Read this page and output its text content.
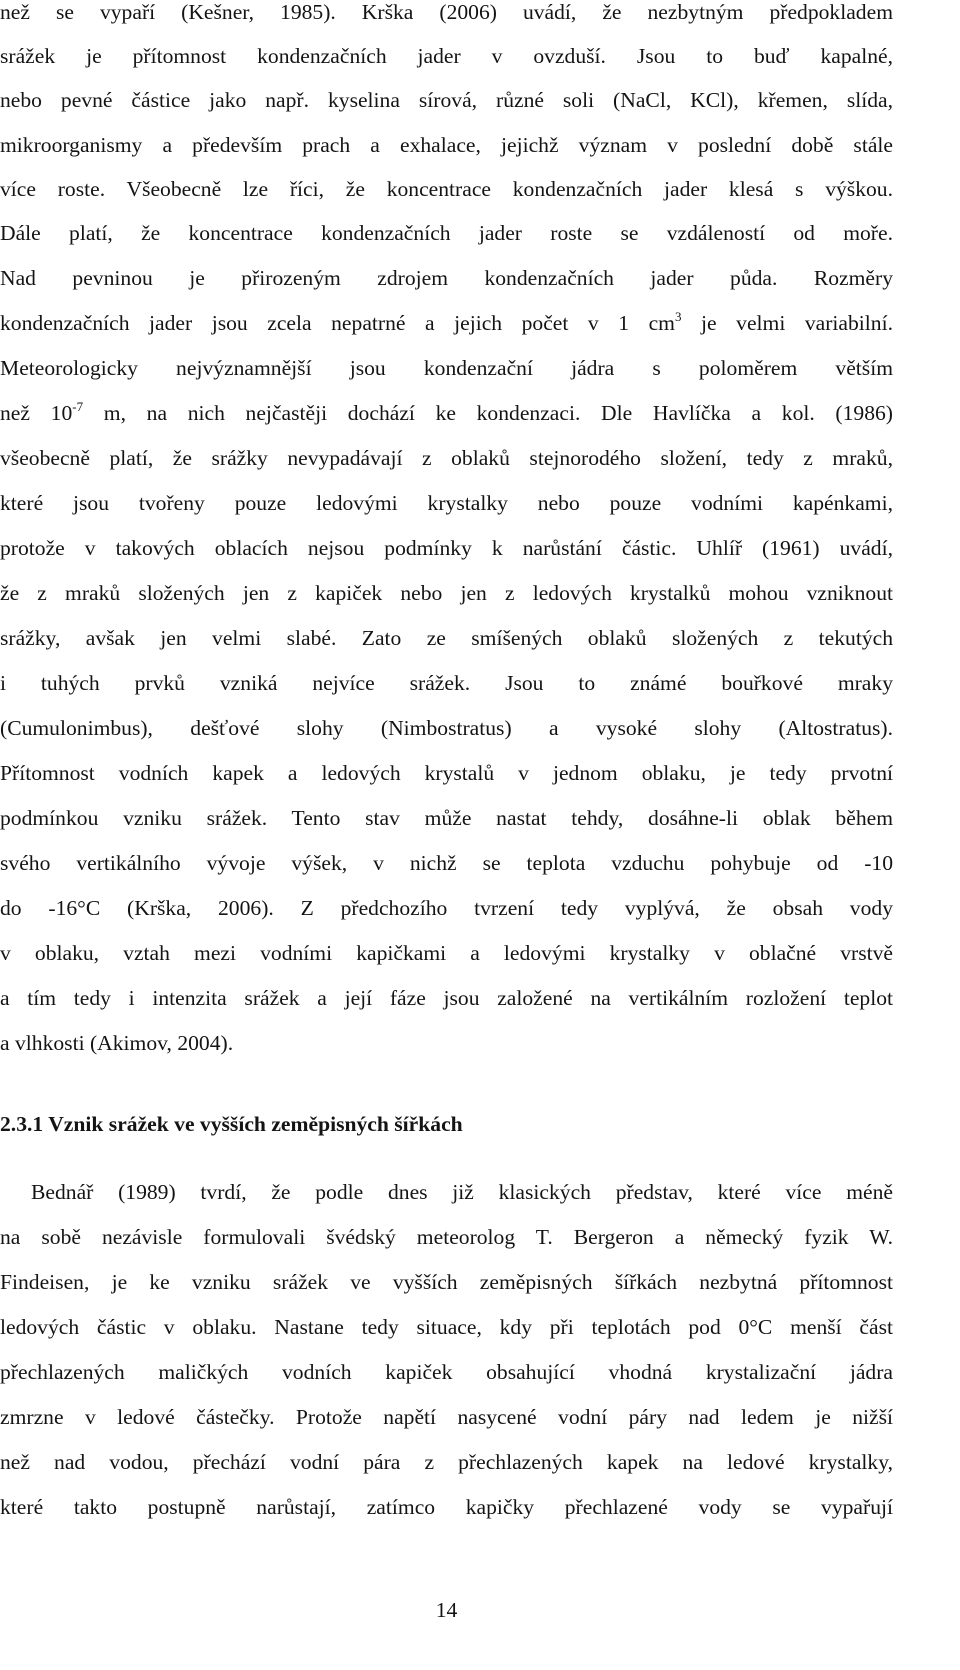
než se vypaří (Kešner, 1985). Krška (2006) uvádí, že nezbytným předpokladem
srážek je přítomnost kondenzačních jader v ovzduší. Jsou to buď kapalné,
nebo pevné částice jako např. kyselina sírová, různé soli (NaCl, KCl), křemen, slída,
mikroorganismy a především prach a exhalace, jejichž význam v poslední době stále
více roste. Všeobecně lze říci, že koncentrace kondenzačních jader klesá s výškou.
Dále platí, že koncentrace kondenzačních jader roste se vzdáleností od moře.
Nad pevninou je přirozeným zdrojem kondenzačních jader půda. Rozměry
kondenzačních jader jsou zcela nepatrné a jejich počet v 1 $cm^3$ je velmi variabilní.
Meteorologicky nejvýznamnější jsou kondenzační jádra s poloměrem větším
než $10^{-7}$ m, na nich nejčastěji dochází ke kondenzaci. Dle Havlíčka a kol. (1986)
všeobecně platí, že srážky nevypadávají z oblaků stejnorodého složení, tedy z mraků,
které jsou tvořeny pouze ledovými krystalky nebo pouze vodními kapénkami,
protože v takových oblacích nejsou podmínky k narůstání částic. Uhlíř (1961) uvádí,
že z mraků složených jen z kapiček nebo jen z ledových krystalků mohou vzniknout
srážky, avšak jen velmi slabé. Zato ze smíšených oblaků složených z tekutých
i tuhých prvků vzniká nejvíce srážek. Jsou to známé bouřkové mraky
(Cumulonimbus), dešťové slohy (Nimbostratus) a vysoké slohy (Altostratus).
Přítomnost vodních kapek a ledových krystalů v jednom oblaku, je tedy prvotní
podmínkou vzniku srážek. Tento stav může nastat tehdy, dosáhne-li oblak během
svého vertikálního vývoje výšek, v nichž se teplota vzduchu pohybuje od -10
do -16°C (Krška, 2006). Z předchozího tvrzení tedy vyplývá, že obsah vody
v oblaku, vztah mezi vodními kapičkami a ledovými krystalky v oblačné vrstvě
a tím tedy i intenzita srážek a její fáze jsou založené na vertikálním rozložení teplot
a vlhkosti (Akimov, 2004).
2.3.1 Vznik srážek ve vyšších zeměpisných šířkách
Bednář (1989) tvrdí, že podle dnes již klasických představ, které více méně
na sobě nezávisle formulovali švédský meteorolog T. Bergeron a německý fyzik W.
Findeisen, je ke vzniku srážek ve vyšších zeměpisných šířkách nezbytná přítomnost
ledových částic v oblaku. Nastane tedy situace, kdy při teplotách pod 0°C menší část
přechlazených maličkých vodních kapiček obsahující vhodná krystalizační jádra
zmrzne v ledové částečky. Protože napětí nasycené vodní páry nad ledem je nižší
než nad vodou, přechází vodní pára z přechlazených kapek na ledové krystalky,
které takto postupně narůstají, zatímco kapičky přechlazené vody se vypařují
14
